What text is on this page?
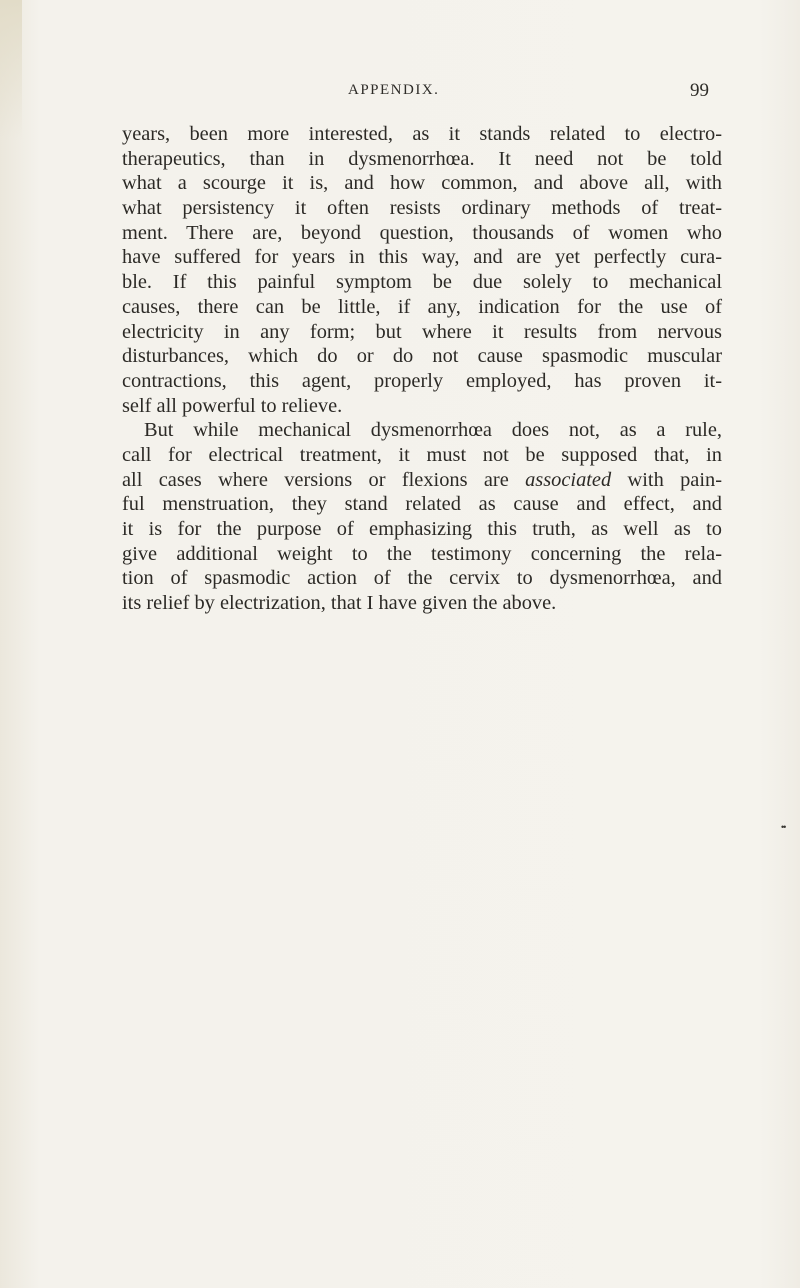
APPENDIX.	99
years, been more interested, as it stands related to electro-
therapeutics, than in dysmenorrhœa. It need not be told
what a scourge it is, and how common, and above all, with
what persistency it often resists ordinary methods of treat-
ment. There are, beyond question, thousands of women who
have suffered for years in this way, and are yet perfectly cura-
ble. If this painful symptom be due solely to mechanical
causes, there can be little, if any, indication for the use of
electricity in any form; but where it results from nervous
disturbances, which do or do not cause spasmodic muscular
contractions, this agent, properly employed, has proven it-
self all powerful to relieve.
But while mechanical dysmenorrhœa does not, as a rule,
call for electrical treatment, it must not be supposed that, in
all cases where versions or flexions are associated with pain-
ful menstruation, they stand related as cause and effect, and
it is for the purpose of emphasizing this truth, as well as to
give additional weight to the testimony concerning the rela-
tion of spasmodic action of the cervix to dysmenorrhœa, and
its relief by electrization, that I have given the above.
••
